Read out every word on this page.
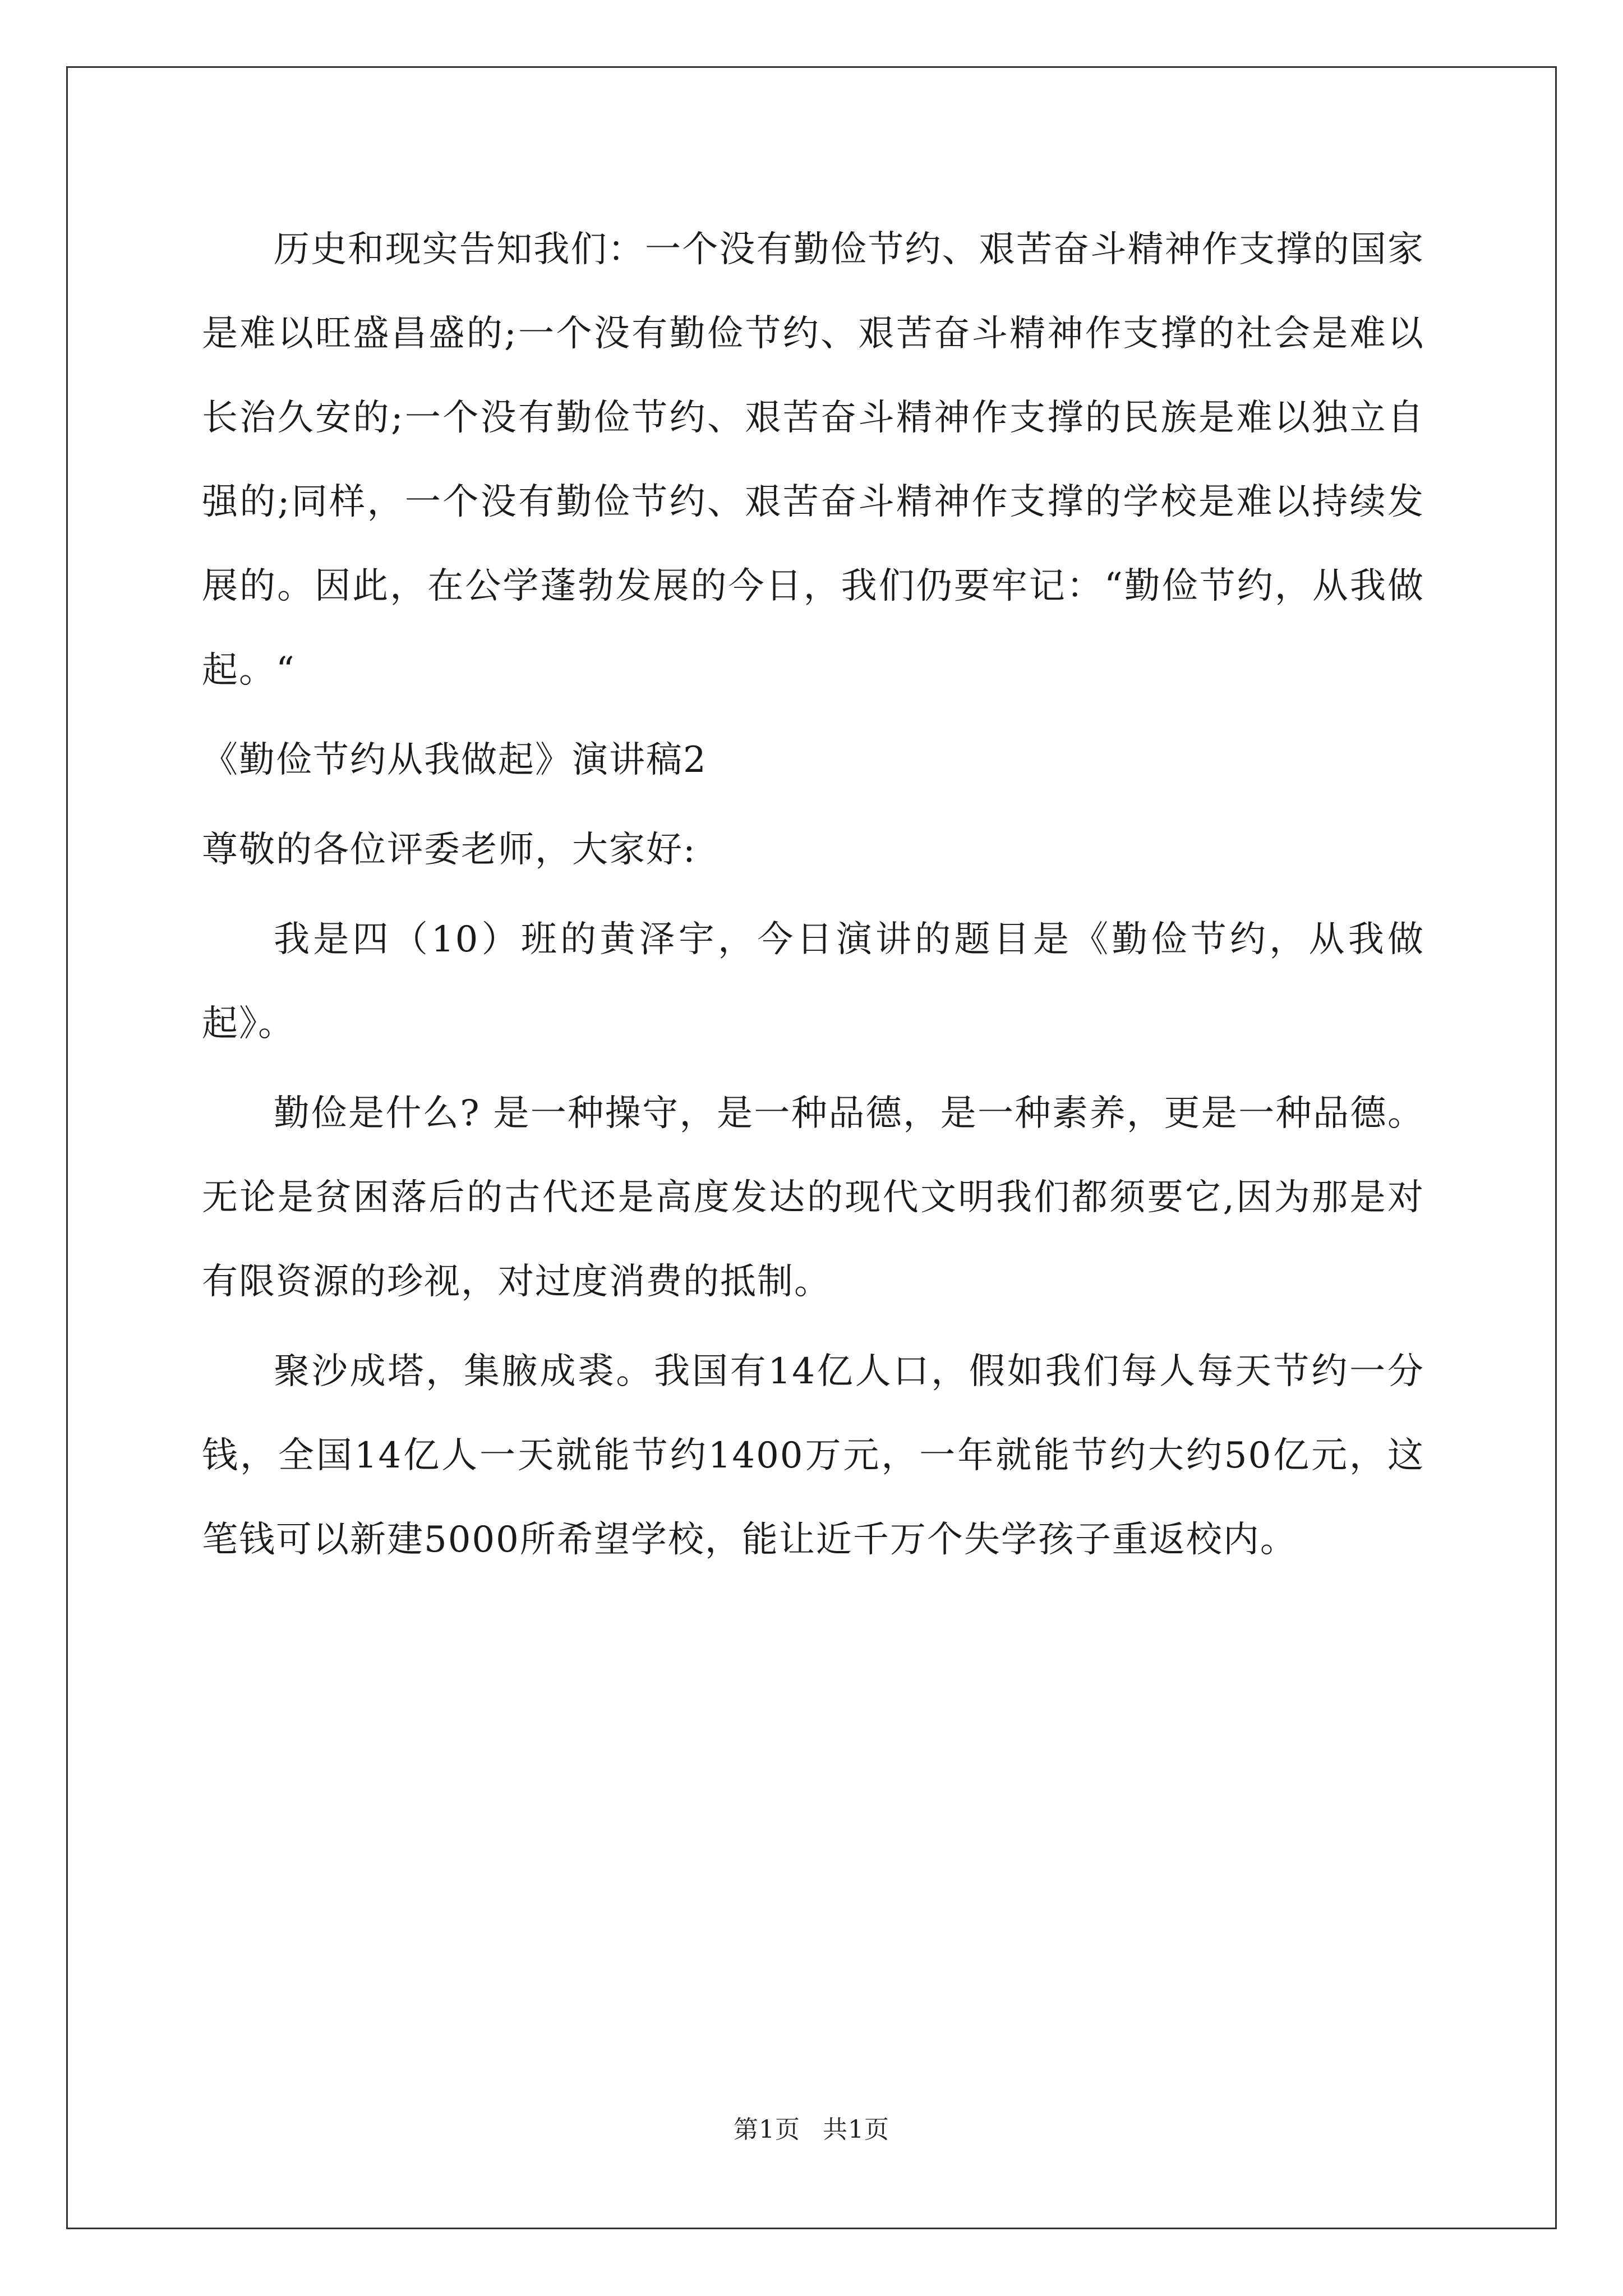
历史和现实告知我们：一个没有勤俭节约、艰苦奋斗精神作支撑的国家是难以旺盛昌盛的;一个没有勤俭节约、艰苦奋斗精神作支撑的社会是难以长治久安的;一个没有勤俭节约、艰苦奋斗精神作支撑的民族是难以独立自强的;同样，一个没有勤俭节约、艰苦奋斗精神作支撑的学校是难以持续发展的。因此，在公学蓬勃发展的今日，我们仍要牢记：“勤俭节约，从我做起。“

《勤俭节约从我做起》演讲稿2

尊敬的各位评委老师，大家好:

我是四（10）班的黄泽宇，今日演讲的题目是《勤俭节约，从我做起》。

勤俭是什么? 是一种操守，是一种品德，是一种素养，更是一种品德。无论是贫困落后的古代还是高度发达的现代文明我们都须要它,因为那是对有限资源的珍视，对过度消费的抵制。

聚沙成塔，集腋成裘。我国有14亿人口，假如我们每人每天节约一分钱，全国14亿人一天就能节约1400万元，一年就能节约大约50亿元，这笔钱可以新建5000所希望学校，能让近千万个失学孩子重返校内。

第1页 共1页
